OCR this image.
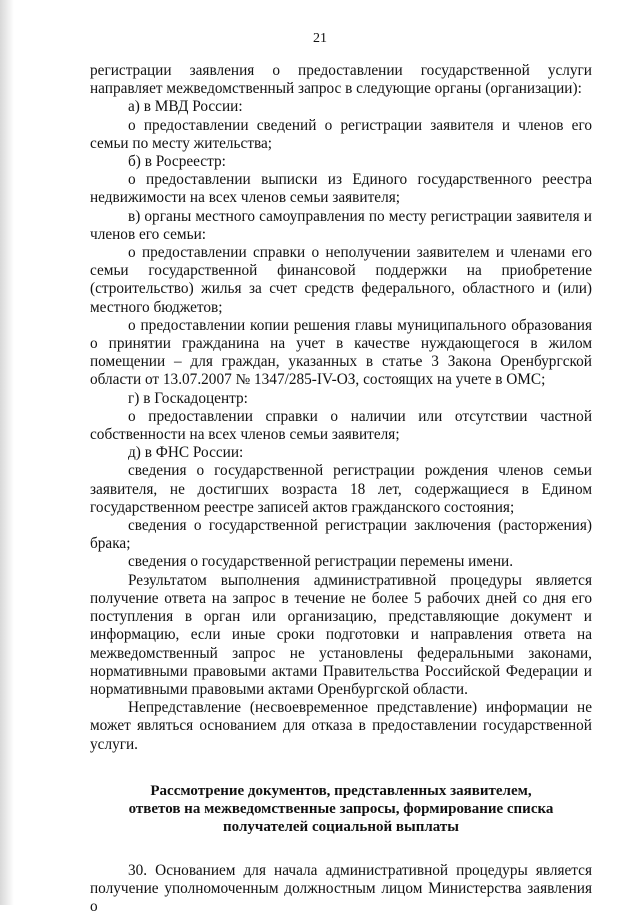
21

регистрации заявления о предоставлении государственной услуги направляет межведомственный запрос в следующие органы (организации):

а) в МВД России:

о предоставлении сведений о регистрации заявителя и членов его семьи по месту жительства;

б) в Росреестр:

о предоставлении выписки из Единого государственного реестра недвижимости на всех членов семьи заявителя;

в) органы местного самоуправления по месту регистрации заявителя и членов его семьи:

о предоставлении справки о неполучении заявителем и членами его семьи государственной финансовой поддержки на приобретение (строительство) жилья за счет средств федерального, областного и (или) местного бюджетов;

о предоставлении копии решения главы муниципального образования о принятии гражданина на учет в качестве нуждающегося в жилом помещении – для граждан, указанных в статье 3 Закона Оренбургской области от 13.07.2007 № 1347/285-IV-ОЗ, состоящих на учете в ОМС;

г) в Госкадоцентр:

о предоставлении справки о наличии или отсутствии частной собственности на всех членов семьи заявителя;

д) в ФНС России:

сведения о государственной регистрации рождения членов семьи заявителя, не достигших возраста 18 лет, содержащиеся в Едином государственном реестре записей актов гражданского состояния;

сведения о государственной регистрации заключения (расторжения) брака;

сведения о государственной регистрации перемены имени.

Результатом выполнения административной процедуры является получение ответа на запрос в течение не более 5 рабочих дней со дня его поступления в орган или организацию, представляющие документ и информацию, если иные сроки подготовки и направления ответа на межведомственный запрос не установлены федеральными законами, нормативными правовыми актами Правительства Российской Федерации и нормативными правовыми актами Оренбургской области.

Непредставление (несвоевременное представление) информации не может являться основанием для отказа в предоставлении государственной услуги.

Рассмотрение документов, представленных заявителем,
ответов на межведомственные запросы, формирование списка
получателей социальной выплаты

30. Основанием для начала административной процедуры является получение уполномоченным должностным лицом Министерства заявления о
